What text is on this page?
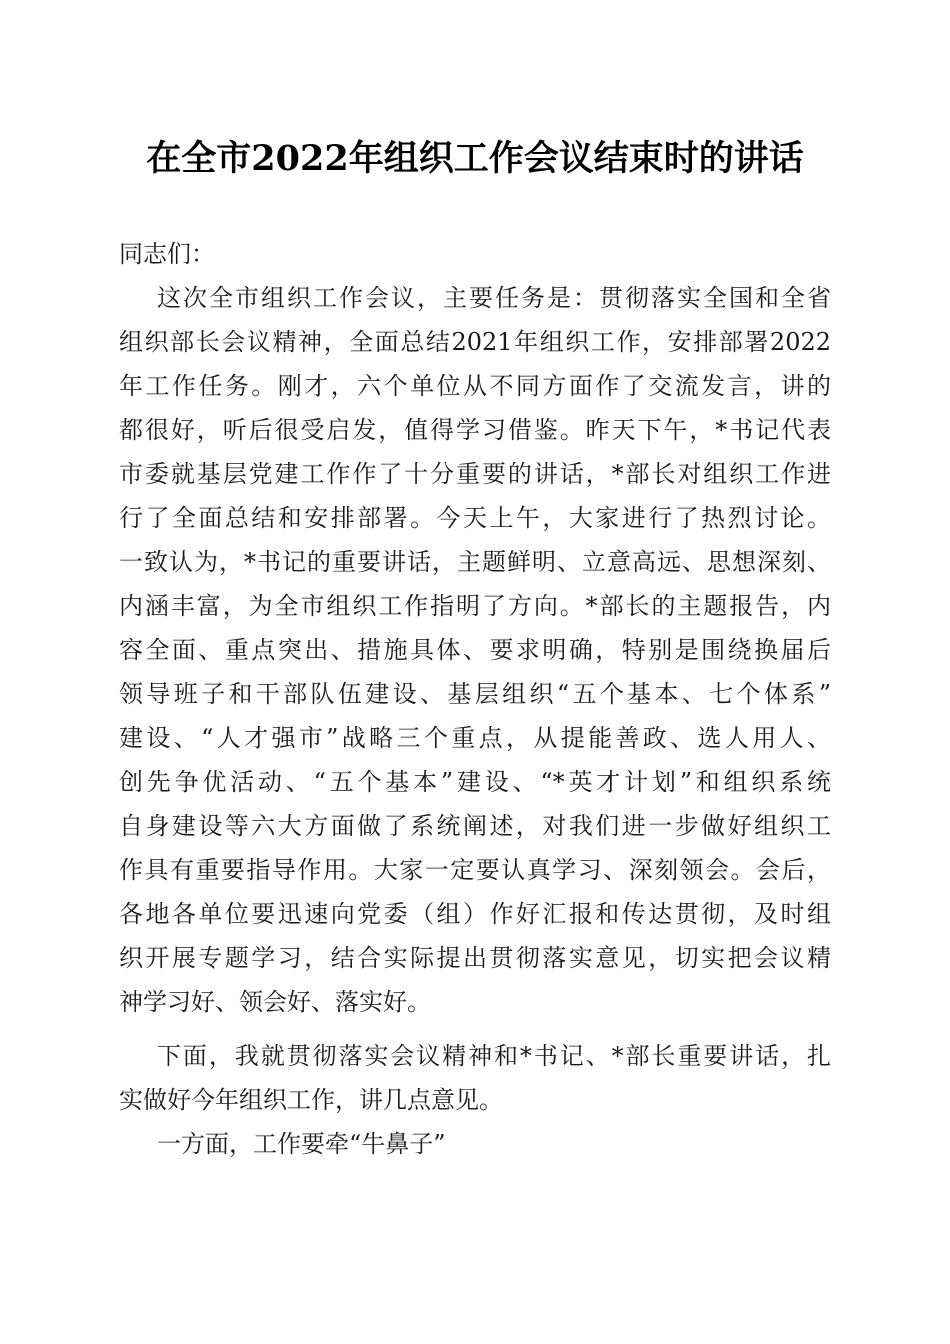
在全市2022年组织工作会议结束时的讲话
同志们：
这次全市组织工作会议，主要任务是：贯彻落实全国和全省
组织部长会议精神，全面总结2021年组织工作，安排部署2022
年工作任务。刚才，六个单位从不同方面作了交流发言，讲的
都很好，听后很受启发，值得学习借鉴。昨天下午，*书记代表
市委就基层党建工作作了十分重要的讲话，*部长对组织工作进
行了全面总结和安排部署。今天上午，大家进行了热烈讨论。
一致认为，*书记的重要讲话，主题鲜明、立意高远、思想深刻、
内涵丰富，为全市组织工作指明了方向。*部长的主题报告，内
容全面、重点突出、措施具体、要求明确，特别是围绕换届后
领导班子和干部队伍建设、基层组织“五个基本、七个体系”
建设、“人才强市”战略三个重点，从提能善政、选人用人、
创先争优活动、“五个基本”建设、“*英才计划”和组织系统
自身建设等六大方面做了系统阐述，对我们进一步做好组织工
作具有重要指导作用。大家一定要认真学习、深刻领会。会后，
各地各单位要迅速向党委（组）作好汇报和传达贯彻，及时组
织开展专题学习，结合实际提出贯彻落实意见，切实把会议精
神学习好、领会好、落实好。
下面，我就贯彻落实会议精神和*书记、*部长重要讲话，扎
实做好今年组织工作，讲几点意见。
一方面，工作要牵“牛鼻子”
